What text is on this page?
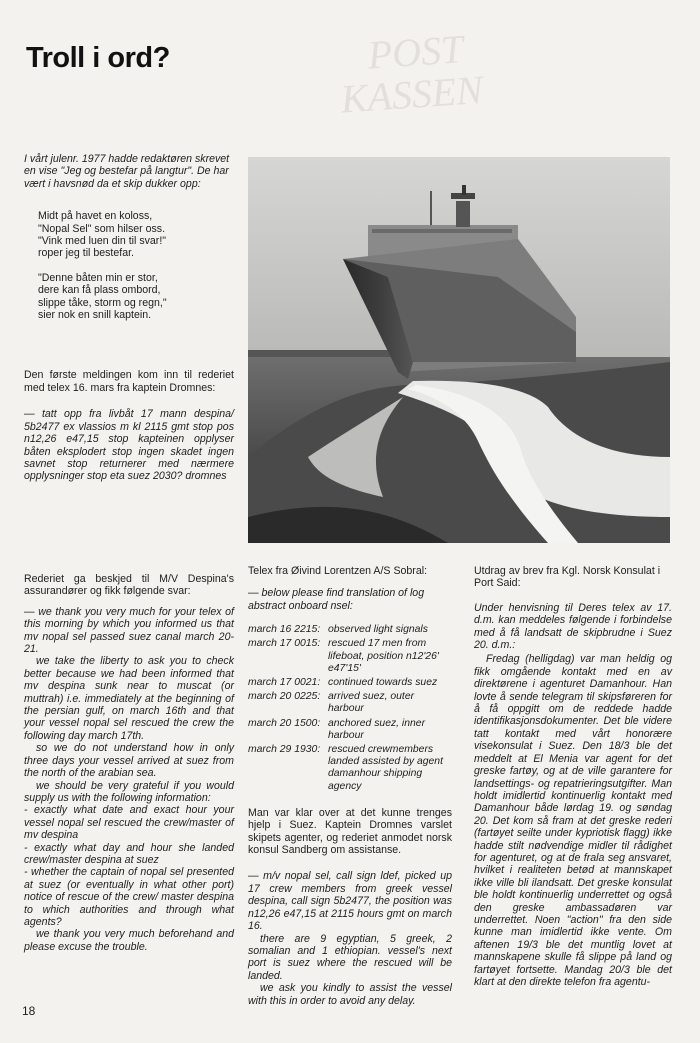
POST
KASSEN
Troll i ord?

I vårt julenr. 1977 hadde redaktøren skrevet en vise "Jeg og bestefar på langtur". De har vært i havsnød da et skip dukker opp:

Midt på havet en koloss,
"Nopal Sel" som hilser oss.
"Vink med luen din til svar!"
roper jeg til bestefar.
"Denne båten min er stor,
dere kan få plass ombord,
slippe tåke, storm og regn,"
sier nok en snill kaptein.

Den første meldingen kom inn til rederiet med telex 16. mars fra kaptein Dromnes:

— tatt opp fra livbåt 17 mann despina/ 5b2477 ex vlassios m kl 2115 gmt stop pos n12,26 e47,15 stop kapteinen opplyser båten eksplodert stop ingen skadet ingen savnet stop returnerer med nærmere opplysninger stop eta suez 2030? dromnes

Rederiet ga beskjed til M/V Despina's assurandører og fikk følgende svar:

— we thank you very much for your telex of this morning by which you informed us that mv nopal sel passed suez canal march 20-21.
we take the liberty to ask you to check better because we had been informed that mv despina sunk near to muscat (or muttrah) i.e. immediately at the beginning of the persian gulf, on march 16th and that your vessel nopal sel rescued the crew the following day march 17th.
so we do not understand how in only three days your vessel arrived at suez from the north of the arabian sea.
we should be very grateful if you would supply us with the following information:
- exactly what date and exact hour your vessel nopal sel rescued the crew/master of mv despina
- exactly what day and hour she landed crew/master despina at suez
- whether the captain of nopal sel presented at suez (or eventually in what other port) notice of rescue of the crew/ master despina to which authorities and through what agents?
we thank you very much beforehand and please excuse the trouble.

Telex fra Øivind Lorentzen A/S Sobral:

— below please find translation of log abstract onboard nsel:

march 16 2215:	observed light signals
march 17 0015:	rescued 17 men from lifeboat, position n12'26' e47'15'
march 17 0021:	continued towards suez
march 20 0225:	arrived suez, outer harbour
march 20 1500:	anchored suez, inner harbour
march 29 1930:	rescued crewmembers landed assisted by agent damanhour shipping agency

Man var klar over at det kunne trenges hjelp i Suez. Kaptein Dromnes varslet skipets agenter, og rederiet anmodet norsk konsul Sandberg om assistanse.

— m/v nopal sel, call sign ldef, picked up 17 crew members from greek vessel despina, call sign 5b2477, the position was n12,26 e47,15 at 2115 hours gmt on march 16.
there are 9 egyptian, 5 greek, 2 somalian and 1 ethiopian. vessel's next port is suez where the rescued will be landed.
we ask you kindly to assist the vessel with this in order to avoid any delay.

Utdrag av brev fra Kgl. Norsk Konsulat i Port Said:

Under henvisning til Deres telex av 17. d.m. kan meddeles følgende i forbindelse med å få landsatt de skipbrudne i Suez 20. d.m.:

Fredag (helligdag) var man heldig og fikk omgående kontakt med en av direktørene i agenturet Damanhour. Han lovte å sende telegram til skipsføreren for å få oppgitt om de reddede hadde identifikasjonsdokumenter. Det ble videre tatt kontakt med vårt honorære visekonsulat i Suez. Den 18/3 ble det meddelt at El Menia var agent for det greske fartøy, og at de ville garantere for landsettings- og repatrieringsutgifter. Man holdt imidlertid kontinuerlig kontakt med Damanhour både lørdag 19. og søndag 20. Det kom så fram at det greske rederi (fartøyet seilte under kypriotisk flagg) ikke hadde stilt nødvendige midler til rådighet for agenturet, og at de frala seg ansvaret, hvilket i realiteten betød at mannskapet ikke ville bli ilandsatt. Det greske konsulat ble holdt kontinuerlig underrettet og også den greske ambassadøren var underrettet. Noen "action" fra den side kunne man imidlertid ikke vente. Om aftenen 19/3 ble det muntlig lovet at mannskapene skulle få slippe på land og fartøyet fortsette. Mandag 20/3 ble det klart at den direkte telefon fra agentu-

18
